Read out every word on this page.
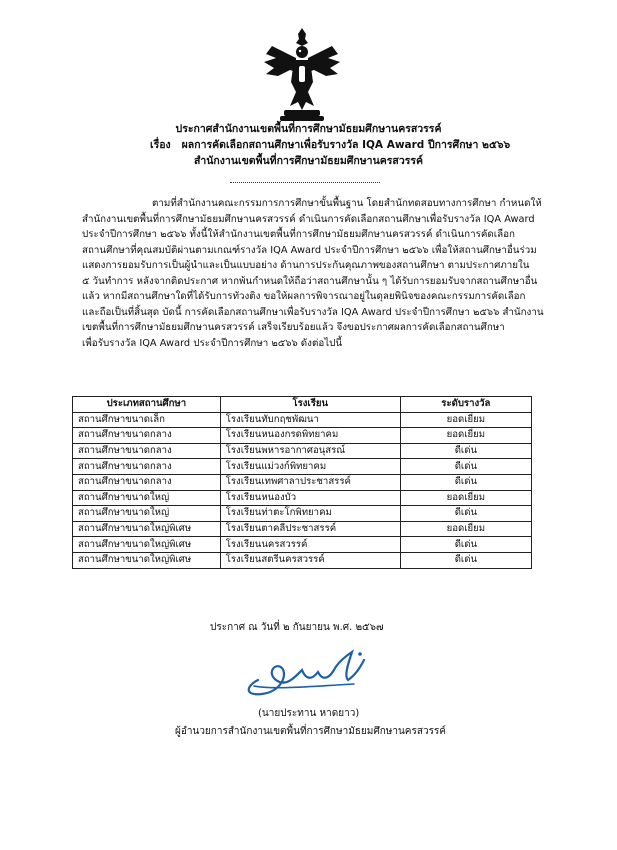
ประกาศสำนักงานเขตพื้นที่การศึกษามัธยมศึกษานครสวรรค์
เรื่อง ผลการคัดเลือกสถานศึกษาเพื่อรับรางวัล IQA Award ปีการศึกษา ๒๕๖๖
สำนักงานเขตพื้นที่การศึกษามัธยมศึกษานครสวรรค์

ตามที่สำนักงานคณะกรรมการการศึกษาขั้นพื้นฐาน โดยสำนักทดสอบทางการศึกษา กำหนดให้

สำนักงานเขตพื้นที่การศึกษามัธยมศึกษานครสวรรค์ ดำเนินการคัดเลือกสถานศึกษาเพื่อรับรางวัล IQA Award

ประจำปีการศึกษา ๒๕๖๖ ทั้งนี้ให้สำนักงานเขตพื้นที่การศึกษามัธยมศึกษานครสวรรค์ ดำเนินการคัดเลือก

สถานศึกษาที่คุณสมบัติผ่านตามเกณฑ์รางวัล IQA Award ประจำปีการศึกษา ๒๕๖๖ เพื่อให้สถานศึกษาอื่นร่วม

แสดงการยอมรับการเป็นผู้นำและเป็นแบบอย่าง ด้านการประกันคุณภาพของสถานศึกษา ตามประกาศภายใน

๕ วันทำการ หลังจากติดประกาศ หากพ้นกำหนดให้ถือว่าสถานศึกษานั้น ๆ ได้รับการยอมรับจากสถานศึกษาอื่น

แล้ว หากมีสถานศึกษาใดที่ได้รับการทัวงติง ขอให้ผลการพิจารณาอยู่ในดุลยพินิจของคณะกรรมการคัดเลือก

และถือเป็นที่สิ้นสุด บัดนี้ การคัดเลือกสถานศึกษาเพื่อรับรางวัล IQA Award ประจำปีการศึกษา ๒๕๖๖ สำนักงาน

เขตพื้นที่การศึกษามัธยมศึกษานครสวรรค์ เสร็จเรียบร้อยแล้ว จึงขอประกาศผลการคัดเลือกสถานศึกษา

เพื่อรับรางวัล IQA Award ประจำปีการศึกษา ๒๕๖๖ ดังต่อไปนี้

ประเภทสถานศึกษา	โรงเรียน	ระดับรางวัล
สถานศึกษาขนาดเล็ก	โรงเรียนทับกฤชพัฒนา	ยอดเยี่ยม
สถานศึกษาขนาดกลาง	โรงเรียนหนองกรดพิทยาคม	ยอดเยี่ยม
สถานศึกษาขนาดกลาง	โรงเรียนพหารอากาศอนุสรณ์	ดีเด่น
สถานศึกษาขนาดกลาง	โรงเรียนแม่วงก์พิทยาคม	ดีเด่น
สถานศึกษาขนาดกลาง	โรงเรียนเทพศาลาประชาสรรค์	ดีเด่น
สถานศึกษาขนาดใหญ่	โรงเรียนหนองบัว	ยอดเยี่ยม
สถานศึกษาขนาดใหญ่	โรงเรียนท่าตะโกพิทยาคม	ดีเด่น
สถานศึกษาขนาดใหญ่พิเศษ	โรงเรียนตาคลีประชาสรรค์	ยอดเยี่ยม
สถานศึกษาขนาดใหญ่พิเศษ	โรงเรียนนครสวรรค์	ดีเด่น
สถานศึกษาขนาดใหญ่พิเศษ	โรงเรียนสตรีนครสวรรค์	ดีเด่น
ประกาศ ณ วันที่ ๒ กันยายน พ.ศ. ๒๕๖๗
(นายประทาน หาดยาว)
ผู้อำนวยการสำนักงานเขตพื้นที่การศึกษามัธยมศึกษานครสวรรค์
